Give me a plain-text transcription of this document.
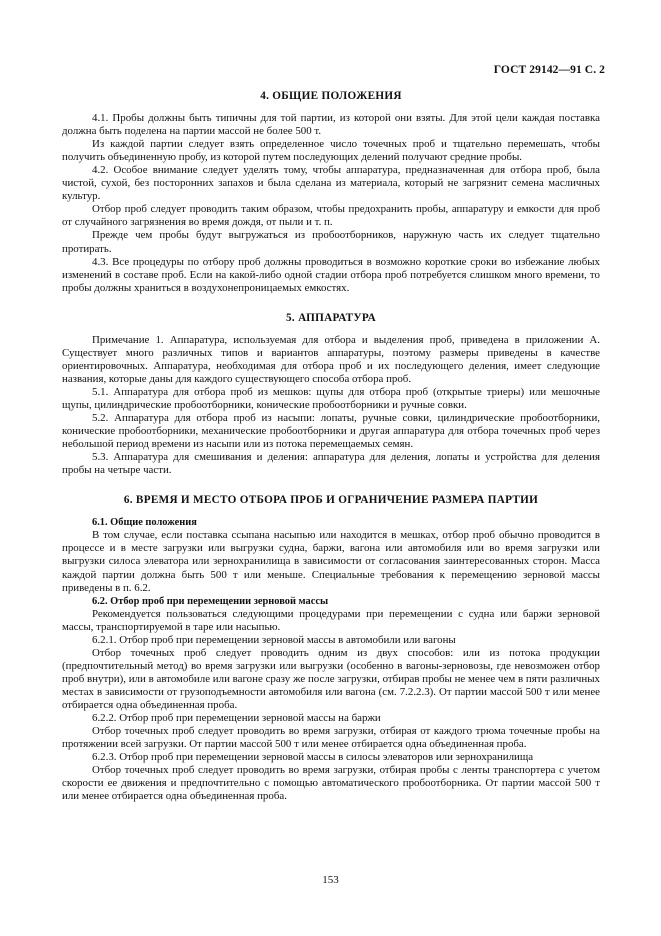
ГОСТ 29142—91 С. 2
4. ОБЩИЕ ПОЛОЖЕНИЯ

4.1. Пробы должны быть типичны для той партии, из которой они взяты. Для этой цели каждая поставка должна быть поделена на партии массой не более 500 т.

Из каждой партии следует взять определенное число точечных проб и тщательно перемешать, чтобы получить объединенную пробу, из которой путем последующих делений получают средние пробы.

4.2. Особое внимание следует уделять тому, чтобы аппаратура, предназначенная для отбора проб, была чистой, сухой, без посторонних запахов и была сделана из материала, который не загрязнит семена масличных культур.

Отбор проб следует проводить таким образом, чтобы предохранить пробы, аппаратуру и емкости для проб от случайного загрязнения во время дождя, от пыли и т. п.

Прежде чем пробы будут выгружаться из пробоотборников, наружную часть их следует тщательно протирать.

4.3. Все процедуры по отбору проб должны проводиться в возможно короткие сроки во избежание любых изменений в составе проб. Если на какой-либо одной стадии отбора проб потребуется слишком много времени, то пробы должны храниться в воздухонепроницаемых емкостях.

5. АППАРАТУРА

Примечание 1. Аппаратура, используемая для отбора и выделения проб, приведена в приложении А. Существует много различных типов и вариантов аппаратуры, поэтому размеры приведены в качестве ориентировочных. Аппаратура, необходимая для отбора проб и их последующего деления, имеет следующие названия, которые даны для каждого существующего способа отбора проб.

5.1. Аппаратура для отбора проб из мешков: щупы для отбора проб (открытые триеры) или мешочные щупы, цилиндрические пробоотборники, конические пробоотборники и ручные совки.

5.2. Аппаратура для отбора проб из насыпи: лопаты, ручные совки, цилиндрические пробоотборники, конические пробоотборники, механические пробоотборники и другая аппаратура для отбора точечных проб через небольшой период времени из насыпи или из потока перемещаемых семян.

5.3. Аппаратура для смешивания и деления: аппаратура для деления, лопаты и устройства для деления пробы на четыре части.

6. ВРЕМЯ И МЕСТО ОТБОРА ПРОБ И ОГРАНИЧЕНИЕ РАЗМЕРА ПАРТИИ

6.1. Общие положения

В том случае, если поставка ссыпана насыпью или находится в мешках, отбор проб обычно проводится в процессе и в месте загрузки или выгрузки судна, баржи, вагона или автомобиля или во время загрузки или выгрузки силоса элеватора или зернохранилища в зависимости от согласования заинтересованных сторон. Масса каждой партии должна быть 500 т или меньше. Специальные требования к перемещению зерновой массы приведены в п. 6.2.

6.2. Отбор проб при перемещении зерновой массы

Рекомендуется пользоваться следующими процедурами при перемещении с судна или баржи зерновой массы, транспортируемой в таре или насыпью.

6.2.1. Отбор проб при перемещении зерновой массы в автомобили или вагоны

Отбор точечных проб следует проводить одним из двух способов: или из потока продукции (предпочтительный метод) во время загрузки или выгрузки (особенно в вагоны-зерновозы, где невозможен отбор проб внутри), или в автомобиле или вагоне сразу же после загрузки, отбирав пробы не менее чем в пяти различных местах в зависимости от грузоподъемности автомобиля или вагона (см. 7.2.2.3). От партии массой 500 т или менее отбирается одна объединенная проба.

6.2.2. Отбор проб при перемещении зерновой массы на баржи

Отбор точечных проб следует проводить во время загрузки, отбирая от каждого трюма точечные пробы на протяжении всей загрузки. От партии массой 500 т или менее отбирается одна объединенная проба.

6.2.3. Отбор проб при перемещении зерновой массы в силосы элеваторов или зернохранилища

Отбор точечных проб следует проводить во время загрузки, отбирая пробы с ленты транспортера с учетом скорости ее движения и предпочтительно с помощью автоматического пробоотборника. От партии массой 500 т или менее отбирается одна объединенная проба.

153
